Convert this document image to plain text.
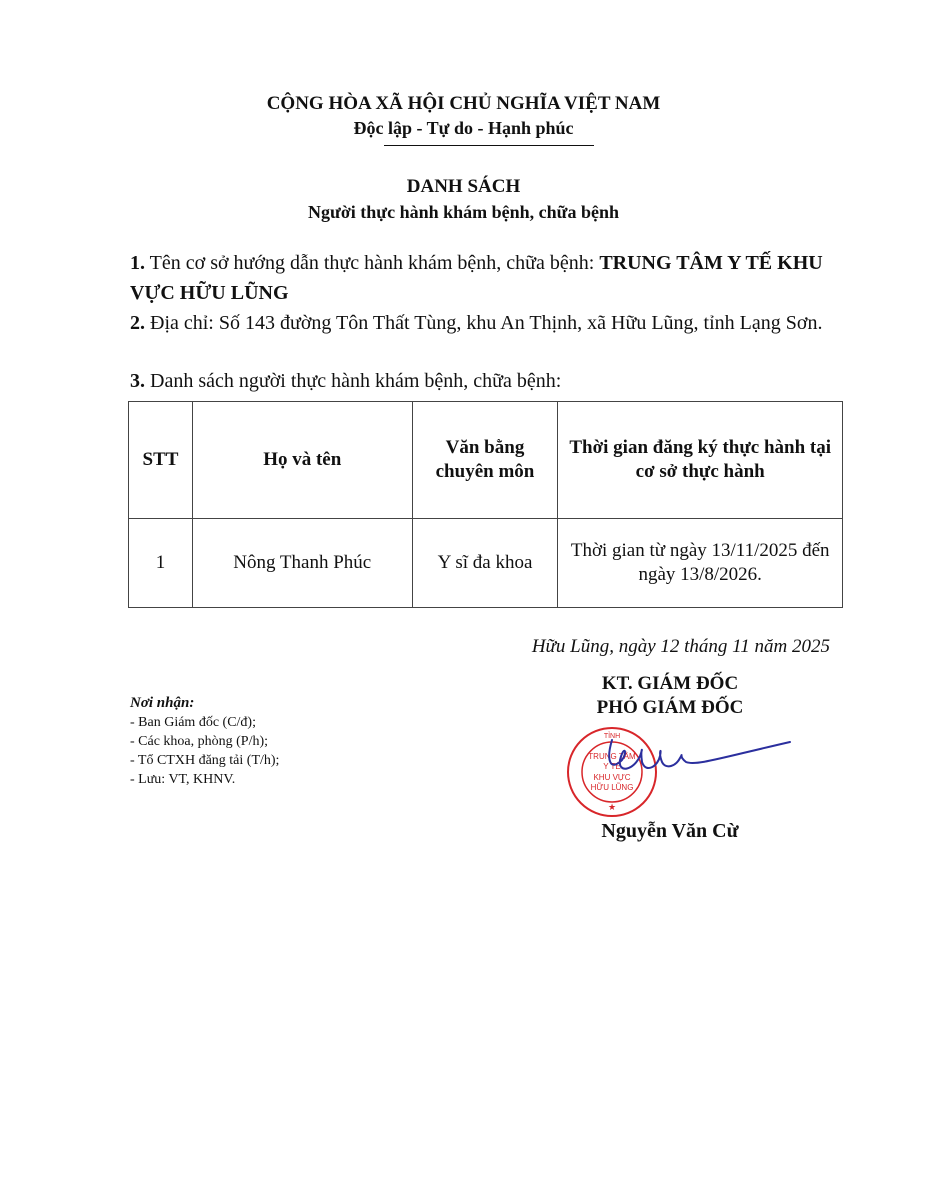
CỘNG HÒA XÃ HỘI CHỦ NGHĨA VIỆT NAM
Độc lập - Tự do - Hạnh phúc
DANH SÁCH
Người thực hành khám bệnh, chữa bệnh
1. Tên cơ sở hướng dẫn thực hành khám bệnh, chữa bệnh: TRUNG TÂM Y TẾ KHU VỰC HỮU LŨNG
2. Địa chỉ: Số 143 đường Tôn Thất Tùng, khu An Thịnh, xã Hữu Lũng, tỉnh Lạng Sơn.
3. Danh sách người thực hành khám bệnh, chữa bệnh:
STT	Họ và tên	Văn bằng chuyên môn	Thời gian đăng ký thực hành tại cơ sở thực hành
1	Nông Thanh Phúc	Y sĩ đa khoa	Thời gian từ ngày 13/11/2025 đến ngày 13/8/2026.
Hữu Lũng, ngày 12 tháng 11 năm 2025
Nơi nhận:
- Ban Giám đốc (C/đ);
- Các khoa, phòng (P/h);
- Tổ CTXH đăng tải (T/h);
- Lưu: VT, KHNV.
KT. GIÁM ĐỐC
PHÓ GIÁM ĐỐC
TỈNH
TRUNG TÂM
Y TẾ
KHU VỰC
HỮU LŨNG
★
Nguyễn Văn Cừ
